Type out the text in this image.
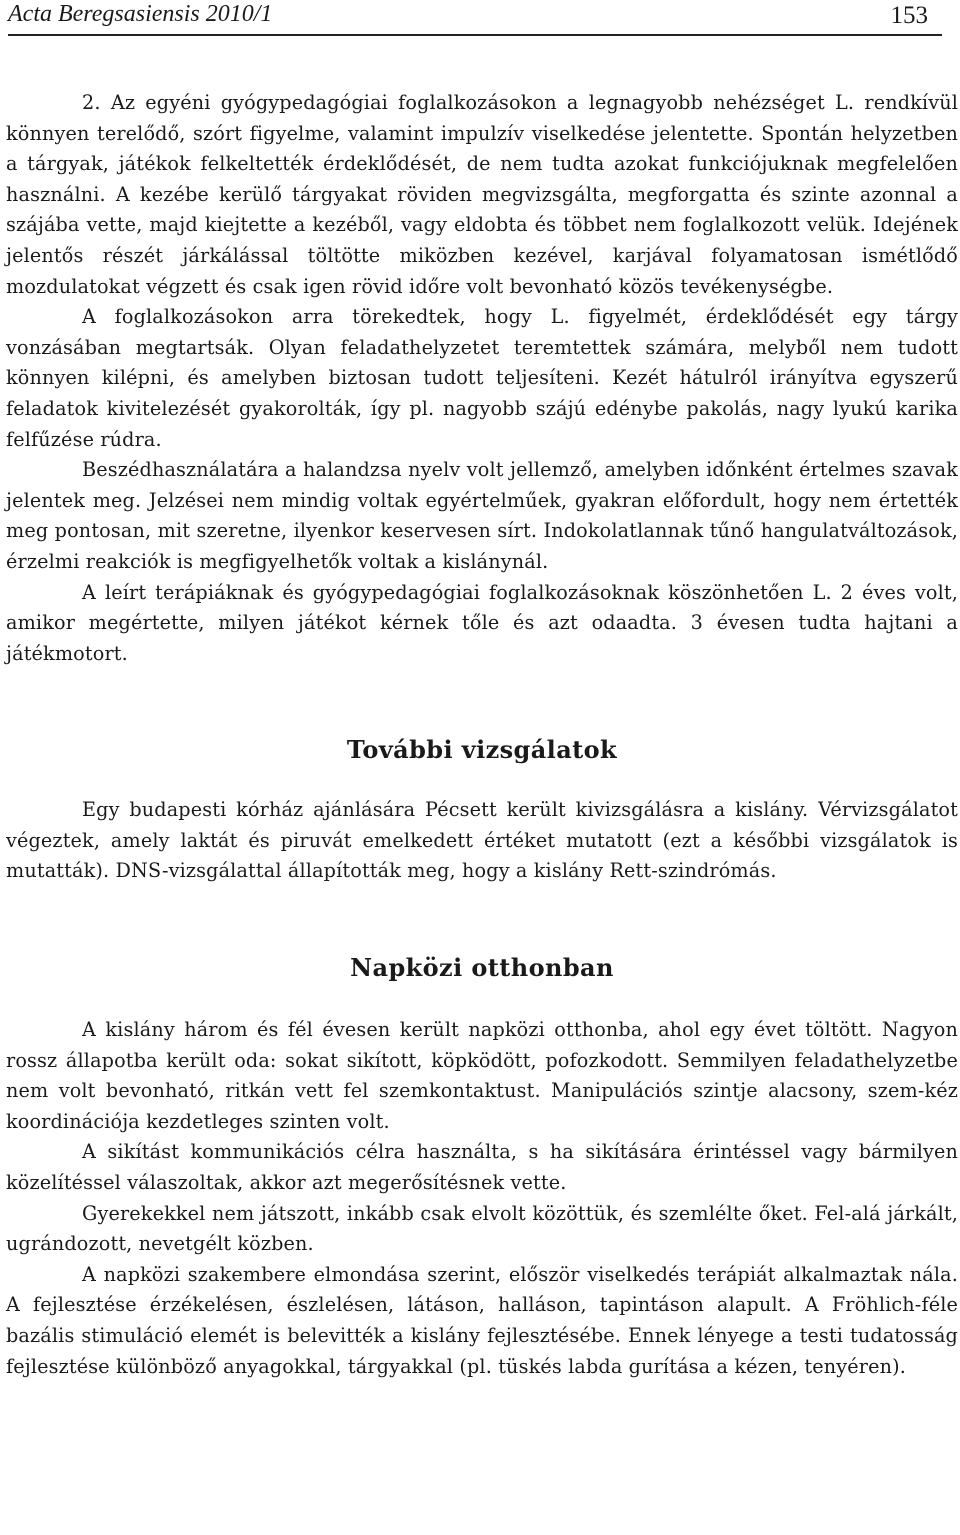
Acta Beregsasiensis 2010/1	153

2. Az egyéni gyógypedagógiai foglalkozásokon a legnagyobb nehézséget L. rendkívül könnyen terelődő, szórt figyelme, valamint impulzív viselkedése jelentette. Spontán helyzetben a tárgyak, játékok felkeltették érdeklődését, de nem tudta azokat funkciójuknak megfelelően használni. A kezébe kerülő tárgyakat röviden megvizsgálta, megforgatta és szinte azonnal a szájába vette, majd kiejtette a kezéből, vagy eldobta és többet nem foglalkozott velük. Idejének jelentős részét járkálással töltötte miközben kezével, karjával folyamatosan ismétlődő mozdulatokat végzett és csak igen rövid időre volt bevonható közös tevékenységbe.

A foglalkozásokon arra törekedtek, hogy L. figyelmét, érdeklődését egy tárgy vonzásában megtartsák. Olyan feladathelyzetet teremtettek számára, melyből nem tudott könnyen kilépni, és amelyben biztosan tudott teljesíteni. Kezét hátulról irányítva egyszerű feladatok kivitelezését gyakorolták, így pl. nagyobb szájú edénybe pakolás, nagy lyukú karika felfűzése rúdra.

Beszédhasználatára a halandzsa nyelv volt jellemző, amelyben időnként értelmes szavak jelentek meg. Jelzései nem mindig voltak egyértelműek, gyakran előfordult, hogy nem értették meg pontosan, mit szeretne, ilyenkor keservesen sírt. Indokolatlannak tűnő hangulatváltozások, érzelmi reakciók is megfigyelhetők voltak a kislánynál.

A leírt terápiáknak és gyógypedagógiai foglalkozásoknak köszönhetően L. 2 éves volt, amikor megértette, milyen játékot kérnek tőle és azt odaadta. 3 évesen tudta hajtani a játékmotort.

További vizsgálatok

Egy budapesti kórház ajánlására Pécsett került kivizsgálásra a kislány. Vérvizsgálatot végeztek, amely laktát és piruvát emelkedett értéket mutatott (ezt a későbbi vizsgálatok is mutatták). DNS-vizsgálattal állapították meg, hogy a kislány Rett-szindrómás.

Napközi otthonban

A kislány három és fél évesen került napközi otthonba, ahol egy évet töltött. Nagyon rossz állapotba került oda: sokat sikított, köpködött, pofozkodott. Semmilyen feladathelyzetbe nem volt bevonható, ritkán vett fel szemkontaktust. Manipulációs szintje alacsony, szem-kéz koordinációja kezdetleges szinten volt.

A sikítást kommunikációs célra használta, s ha sikítására érintéssel vagy bármilyen közelítéssel válaszoltak, akkor azt megerősítésnek vette.

Gyerekekkel nem játszott, inkább csak elvolt közöttük, és szemlélte őket. Fel-alá járkált, ugrándozott, nevetgélt közben.

A napközi szakembere elmondása szerint, először viselkedés terápiát alkalmaztak nála. A fejlesztése érzékelésen, észlelésen, látáson, halláson, tapintáson alapult. A Fröhlich-féle bazális stimuláció elemét is belevitték a kislány fejlesztésébe. Ennek lényege a testi tudatosság fejlesztése különböző anyagokkal, tárgyakkal (pl. tüskés labda gurítása a kézen, tenyéren).
